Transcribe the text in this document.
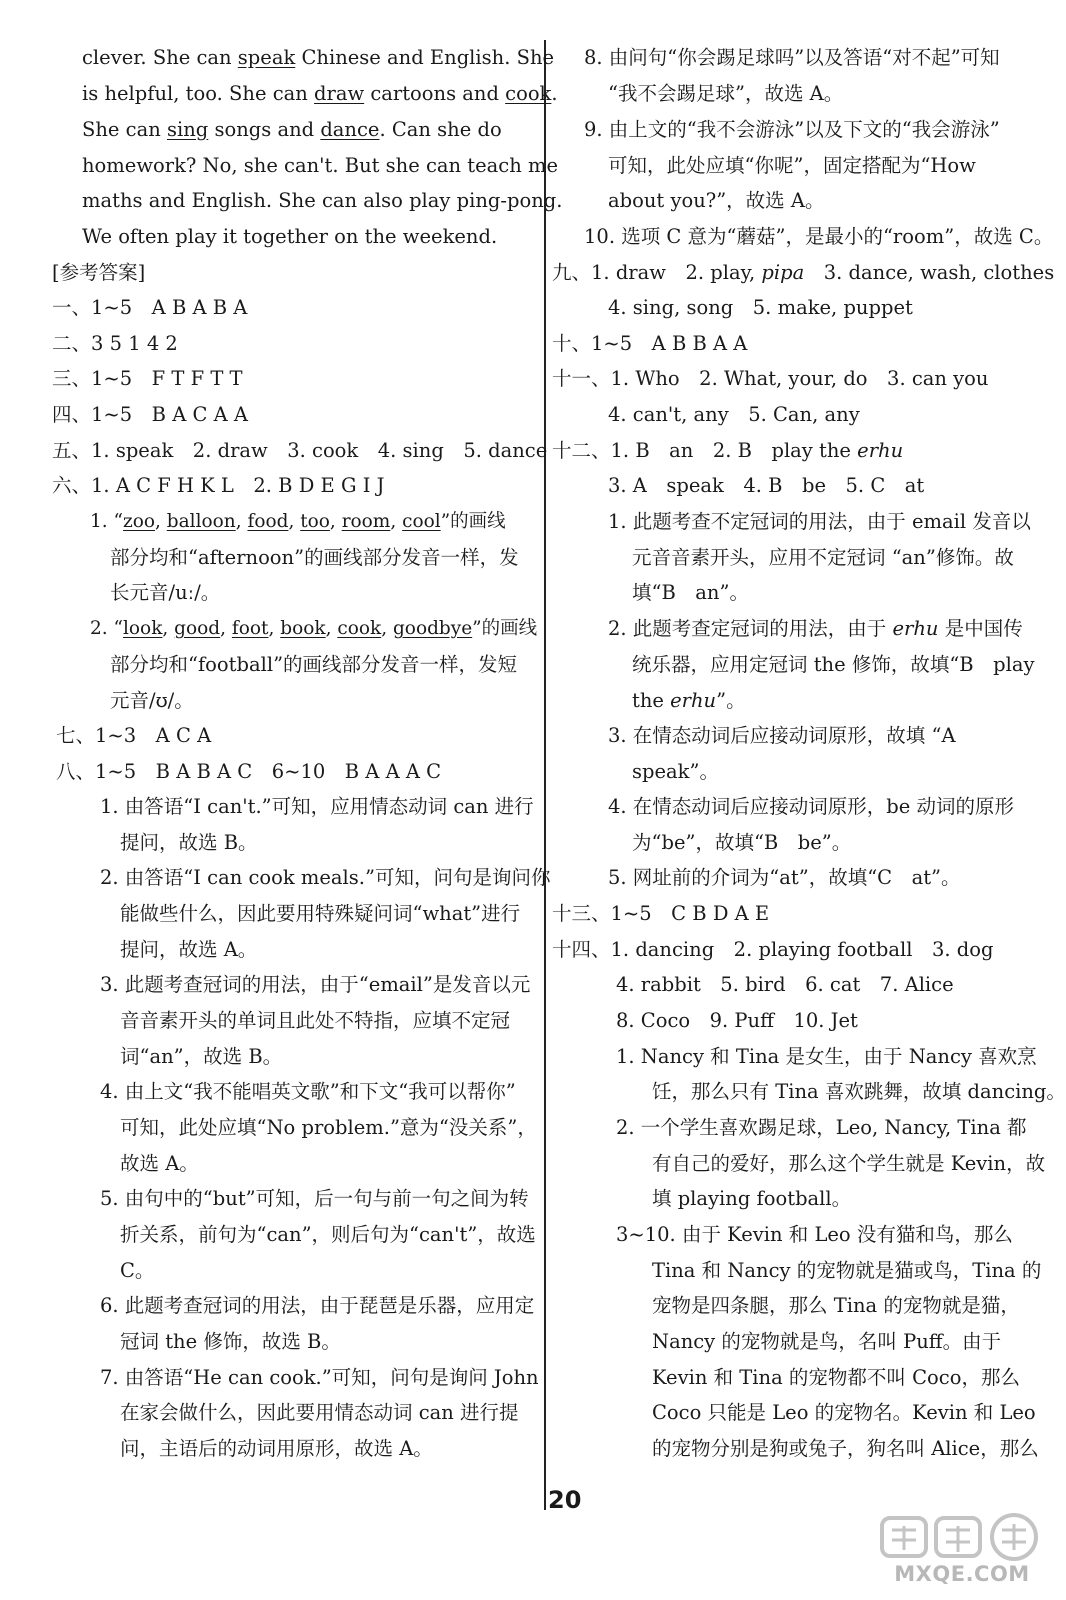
clever. She can speak Chinese and English. She
is helpful, too. She can draw cartoons and cook.
She can sing songs and dance. Can she do
homework? No, she can't. But she can teach me
maths and English. She can also play ping-pong.
We often play it together on the weekend.
[参考答案]
一、1~5　A B A B A
二、3 5 1 4 2
三、1~5　F T F T T
四、1~5　B A C A A
五、1. speak　2. draw　3. cook　4. sing　5. dance
六、1. A C F H K L　2. B D E G I J
1. “zoo, balloon, food, too, room, cool”的画线
部分均和“afternoon”的画线部分发音一样，发
长元音/uː/。
2. “look, good, foot, book, cook, goodbye”的画线
部分均和“football”的画线部分发音一样，发短
元音/ʊ/。
七、1~3　A C A
八、1~5　B A B A C　6~10　B A A A C
1. 由答语“I can't.”可知，应用情态动词 can 进行
提问，故选 B。
2. 由答语“I can cook meals.”可知，问句是询问你
能做些什么，因此要用特殊疑问词“what”进行
提问，故选 A。
3. 此题考查冠词的用法，由于“email”是发音以元
音音素开头的单词且此处不特指，应填不定冠
词“an”，故选 B。
4. 由上文“我不能唱英文歌”和下文“我可以帮你”
可知，此处应填“No problem.”意为“没关系”，
故选 A。
5. 由句中的“but”可知，后一句与前一句之间为转
折关系，前句为“can”，则后句为“can't”，故选
C。
6. 此题考查冠词的用法，由于琵琶是乐器，应用定
冠词 the 修饰，故选 B。
7. 由答语“He can cook.”可知，问句是询问 John
在家会做什么，因此要用情态动词 can 进行提
问，主语后的动词用原形，故选 A。
8. 由问句“你会踢足球吗”以及答语“对不起”可知
“我不会踢足球”，故选 A。
9. 由上文的“我不会游泳”以及下文的“我会游泳”
可知，此处应填“你呢”，固定搭配为“How
about you?”，故选 A。
10. 选项 C 意为“蘑菇”，是最小的“room”，故选 C。
九、1. draw　2. play, pipa　3. dance, wash, clothes
4. sing, song　5. make, puppet
十、1~5　A B B A A
十一、1. Who　2. What, your, do　3. can you
4. can't, any　5. Can, any
十二、1. B　an　2. B　play the erhu
3. A　speak　4. B　be　5. C　at
1. 此题考查不定冠词的用法，由于 email 发音以
元音音素开头，应用不定冠词 “an”修饰。故
填“B　an”。
2. 此题考查定冠词的用法，由于 erhu 是中国传
统乐器，应用定冠词 the 修饰，故填“B　play
the erhu”。
3. 在情态动词后应接动词原形，故填 “A
speak”。
4. 在情态动词后应接动词原形，be 动词的原形
为“be”，故填“B　be”。
5. 网址前的介词为“at”，故填“C　at”。
十三、1~5　C B D A E
十四、1. dancing　2. playing football　3. dog
4. rabbit　5. bird　6. cat　7. Alice
8. Coco　9. Puff　10. Jet
1. Nancy 和 Tina 是女生，由于 Nancy 喜欢烹
饪，那么只有 Tina 喜欢跳舞，故填 dancing。
2. 一个学生喜欢踢足球，Leo, Nancy, Tina 都
有自己的爱好，那么这个学生就是 Kevin，故
填 playing football。
3~10. 由于 Kevin 和 Leo 没有猫和鸟，那么
Tina 和 Nancy 的宠物就是猫或鸟，Tina 的
宠物是四条腿，那么 Tina 的宠物就是猫，
Nancy 的宠物就是鸟，名叫 Puff。由于
Kevin 和 Tina 的宠物都不叫 Coco，那么
Coco 只能是 Leo 的宠物名。Kevin 和 Leo
的宠物分别是狗或兔子，狗名叫 Alice，那么
20
MXQE.COM
